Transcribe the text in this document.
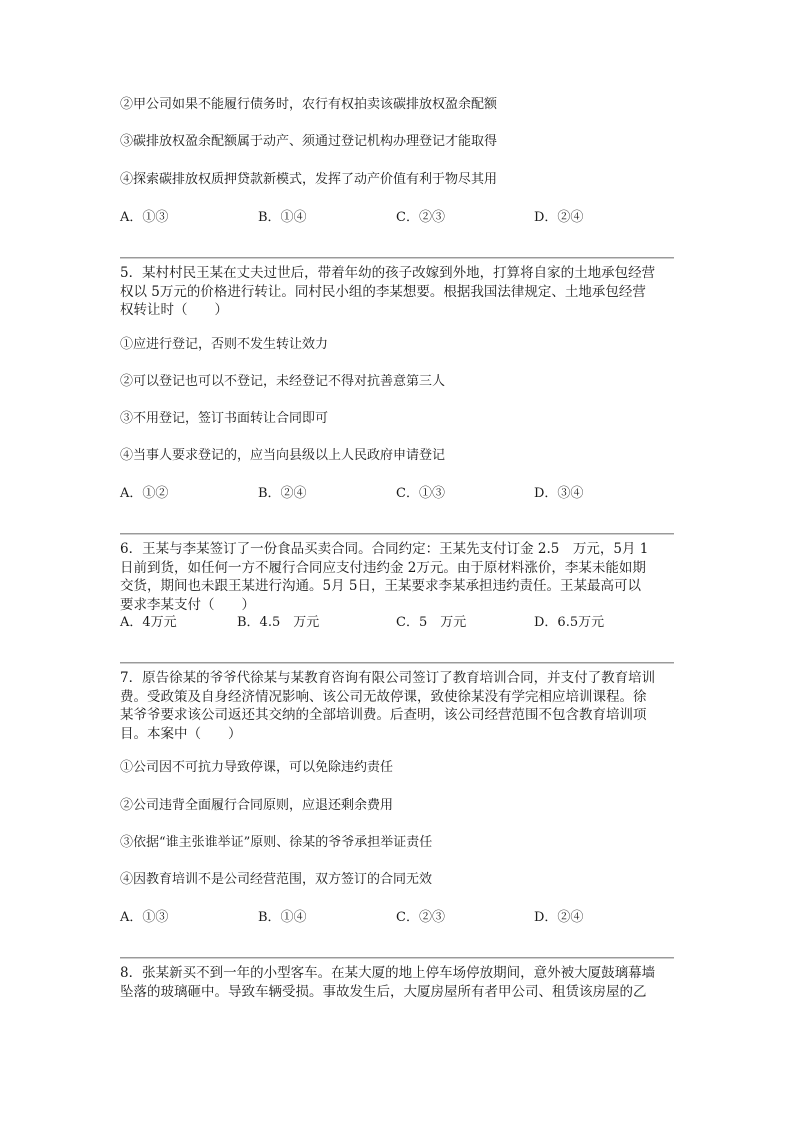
②甲公司如果不能履行债务时，农行有权拍卖该碳排放权盈余配额
③碳排放权盈余配额属于动产、须通过登记机构办理登记才能取得
④探索碳排放权质押贷款新模式，发挥了动产价值有利于物尽其用
A．①③	B．①④	C．②③	D．②④

5．某村村民王某在丈夫过世后，带着年幼的孩子改嫁到外地，打算将自家的土地承包经营

权以 5万元的价格进行转让。同村民小组的李某想要。根据我国法律规定、土地承包经营

权转让时（　　）

①应进行登记，否则不发生转让效力
②可以登记也可以不登记，未经登记不得对抗善意第三人
③不用登记，签订书面转让合同即可
④当事人要求登记的，应当向县级以上人民政府申请登记
A．①②	B．②④	C．①③	D．③④

6．王某与李某签订了一份食品买卖合同。合同约定：王某先支付订金 2.5　万元，5月 1

日前到货，如任何一方不履行合同应支付违约金 2万元。由于原材料涨价，李某未能如期

交货，期间也未跟王某进行沟通。5月 5日，王某要求李某承担违约责任。王某最高可以

要求李某支付（　　）

A．4万元	B．4.5　万元	C．5　万元	D．6.5万元

7．原告徐某的爷爷代徐某与某教育咨询有限公司签订了教育培训合同，并支付了教育培训

费。受政策及自身经济情况影响、该公司无故停课，致使徐某没有学完相应培训课程。徐

某爷爷要求该公司返还其交纳的全部培训费。后查明，该公司经营范围不包含教育培训项

目。本案中（　　）

①公司因不可抗力导致停课，可以免除违约责任
②公司违背全面履行合同原则，应退还剩余费用
③依据“谁主张谁举证”原则、徐某的爷爷承担举证责任
④因教育培训不是公司经营范围，双方签订的合同无效
A．①③	B．①④	C．②③	D．②④

8．张某新买不到一年的小型客车。在某大厦的地上停车场停放期间，意外被大厦鼓璃幕墙

坠落的玻璃砸中。导致车辆受损。事故发生后，大厦房屋所有者甲公司、租赁该房屋的乙
